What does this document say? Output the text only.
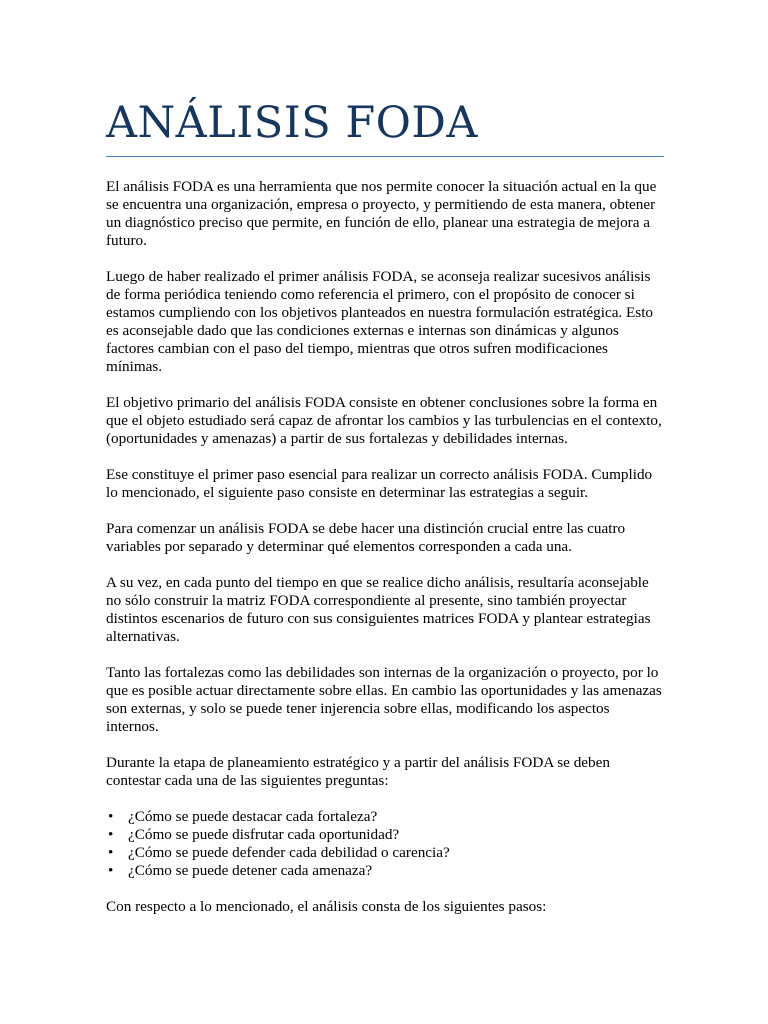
ANÁLISIS FODA

El análisis FODA es una herramienta que nos permite conocer la situación actual en la que se encuentra una organización, empresa o proyecto, y permitiendo de esta manera, obtener un diagnóstico preciso que permite, en función de ello, planear una estrategia de mejora a futuro.

Luego de haber realizado el primer análisis FODA, se aconseja realizar sucesivos análisis de forma periódica teniendo como referencia el primero, con el propósito de conocer si estamos cumpliendo con los objetivos planteados en nuestra formulación estratégica. Esto es aconsejable dado que las condiciones externas e internas son dinámicas y algunos factores cambian con el paso del tiempo, mientras que otros sufren modificaciones mínimas.

El objetivo primario del análisis FODA consiste en obtener conclusiones sobre la forma en que el objeto estudiado será capaz de afrontar los cambios y las turbulencias en el contexto, (oportunidades y amenazas) a partir de sus fortalezas y debilidades internas.

Ese constituye el primer paso esencial para realizar un correcto análisis FODA. Cumplido lo mencionado, el siguiente paso consiste en determinar las estrategias a seguir.

Para comenzar un análisis FODA se debe hacer una distinción crucial entre las cuatro variables por separado y determinar qué elementos corresponden a cada una.

A su vez, en cada punto del tiempo en que se realice dicho análisis, resultaría aconsejable no sólo construir la matriz FODA correspondiente al presente, sino también proyectar distintos escenarios de futuro con sus consiguientes matrices FODA y plantear estrategias alternativas.

Tanto las fortalezas como las debilidades son internas de la organización o proyecto, por lo que es posible actuar directamente sobre ellas. En cambio las oportunidades y las amenazas son externas, y solo se puede tener injerencia sobre ellas, modificando los aspectos internos.

Durante la etapa de planeamiento estratégico y a partir del análisis FODA se deben contestar cada una de las siguientes preguntas:

• ¿Cómo se puede destacar cada fortaleza?
• ¿Cómo se puede disfrutar cada oportunidad?
• ¿Cómo se puede defender cada debilidad o carencia?
• ¿Cómo se puede detener cada amenaza?

Con respecto a lo mencionado, el análisis consta de los siguientes pasos:
